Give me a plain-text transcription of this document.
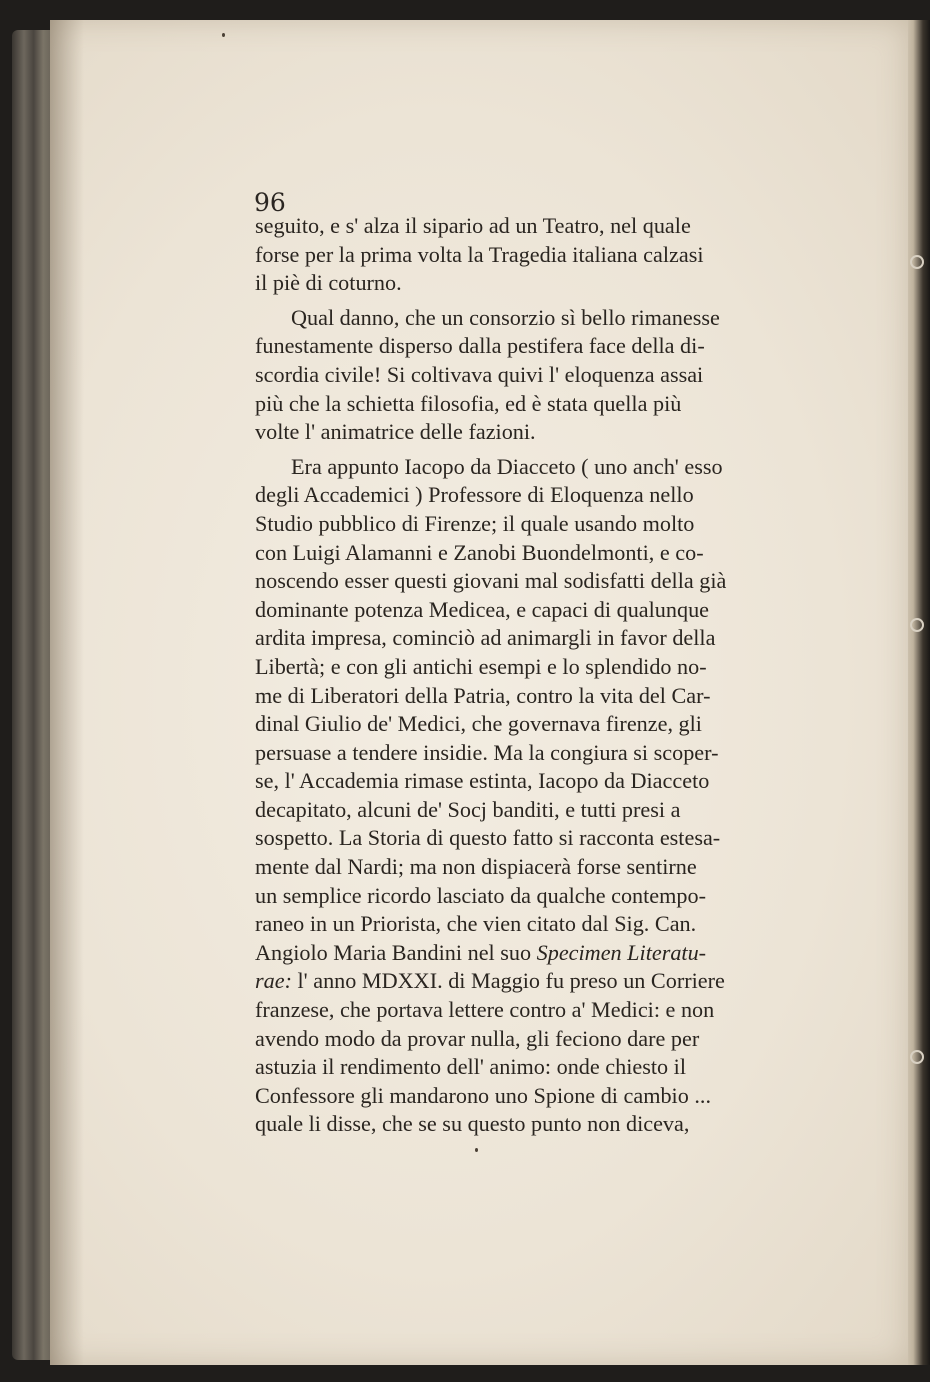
96

seguito, e s' alza il sipario ad un Teatro, nel quale
forse per la prima volta la Tragedia italiana calzasi
il piè di coturno.
Qual danno, che un consorzio sì bello rimanesse
funestamente disperso dalla pestifera face della di-
scordia civile! Si coltivava quivi l' eloquenza assai
più che la schietta filosofia, ed è stata quella più
volte l' animatrice delle fazioni.
Era appunto Iacopo da Diacceto ( uno anch' esso
degli Accademici ) Professore di Eloquenza nello
Studio pubblico di Firenze; il quale usando molto
con Luigi Alamanni e Zanobi Buondelmonti, e co-
noscendo esser questi giovani mal sodisfatti della già
dominante potenza Medicea, e capaci di qualunque
ardita impresa, cominciò ad animargli in favor della
Libertà; e con gli antichi esempi e lo splendido no-
me di Liberatori della Patria, contro la vita del Car-
dinal Giulio de' Medici, che governava firenze, gli
persuase a tendere insidie. Ma la congiura si scoper-
se, l' Accademia rimase estinta, Iacopo da Diacceto
decapitato, alcuni de' Socj banditi, e tutti presi a
sospetto. La Storia di questo fatto si racconta estesa-
mente dal Nardi; ma non dispiacerà forse sentirne
un semplice ricordo lasciato da qualche contempo-
raneo in un Priorista, che vien citato dal Sig. Can.
Angiolo Maria Bandini nel suo Specimen Literatu-
rae: l' anno MDXXI. di Maggio fu preso un Corriere
franzese, che portava lettere contro a' Medici: e non
avendo modo da provar nulla, gli feciono dare per
astuzia il rendimento dell' animo: onde chiesto il
Confessore gli mandarono uno Spione di cambio ...
quale li disse, che se su questo punto non diceva,
